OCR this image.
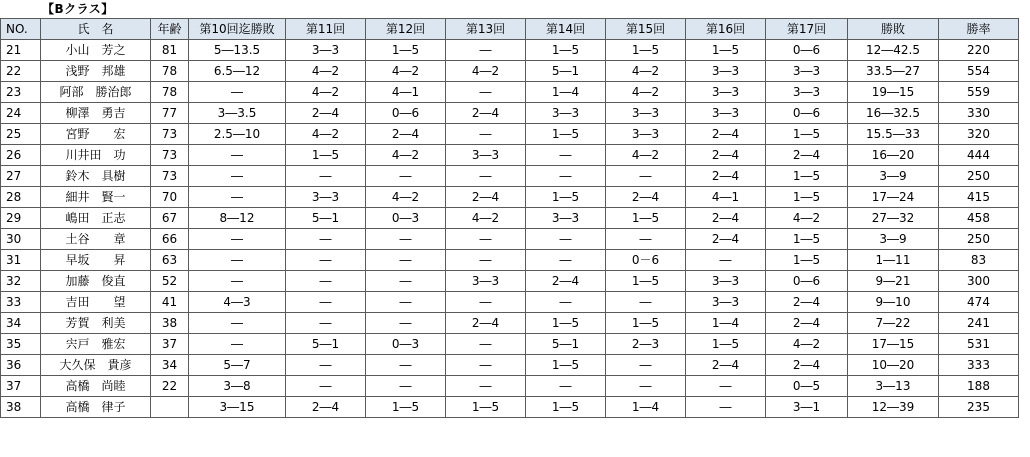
【Bクラス】
NO.	氏　名	年齢	第10回迄勝敗	第11回	第12回	第13回	第14回	第15回	第16回	第17回	勝敗	勝率
21	小山　芳之	81	5―13.5	3―3	1―5	―	1―5	1―5	1―5	0―6	12―42.5	220
22	浅野　邦雄	78	6.5―12	4―2	4―2	4―2	5―1	4―2	3―3	3―3	33.5―27	554
23	阿部　勝治郎	78	―	4―2	4―1	―	1―4	4―2	3―3	3―3	19―15	559
24	柳澤　勇吉	77	3―3.5	2―4	0―6	2―4	3―3	3―3	3―3	0―6	16―32.5	330
25	宮野　　宏	73	2.5―10	4―2	2―4	―	1―5	3―3	2―4	1―5	15.5―33	320
26	川井田　功	73	―	1―5	4―2	3―3	―	4―2	2―4	2―4	16―20	444
27	鈴木　具樹	73	―	―	―	―	―	―	2―4	1―5	3―9	250
28	細井　賢一	70	―	3―3	4―2	2―4	1―5	2―4	4―1	1―5	17―24	415
29	嶋田　正志	67	8―12	5―1	0―3	4―2	3―3	1―5	2―4	4―2	27―32	458
30	土谷　　章	66	―	―	―	―	―	―	2―4	1―5	3―9	250
31	早坂　　昇	63	―	―	―	―	―	0－6	―	1―5	1―11	83
32	加藤　俊直	52	―	―	―	3―3	2―4	1―5	3―3	0―6	9―21	300
33	吉田　　望	41	4―3	―	―	―	―	―	3―3	2―4	9―10	474
34	芳賀　利美	38	―	―	―	2―4	1―5	1―5	1―4	2―4	7―22	241
35	宍戸　雅宏	37	―	5―1	0―3	―	5―1	2―3	1―5	4―2	17―15	531
36	大久保　貴彦	34	5―7	―	―	―	1―5	―	2―4	2―4	10―20	333
37	高橋　尚睦	22	3―8	―	―	―	―	―	―	0―5	3―13	188
38	高橋　律子		3―15	2―4	1―5	1―5	1―5	1―4	―	3―1	12―39	235
